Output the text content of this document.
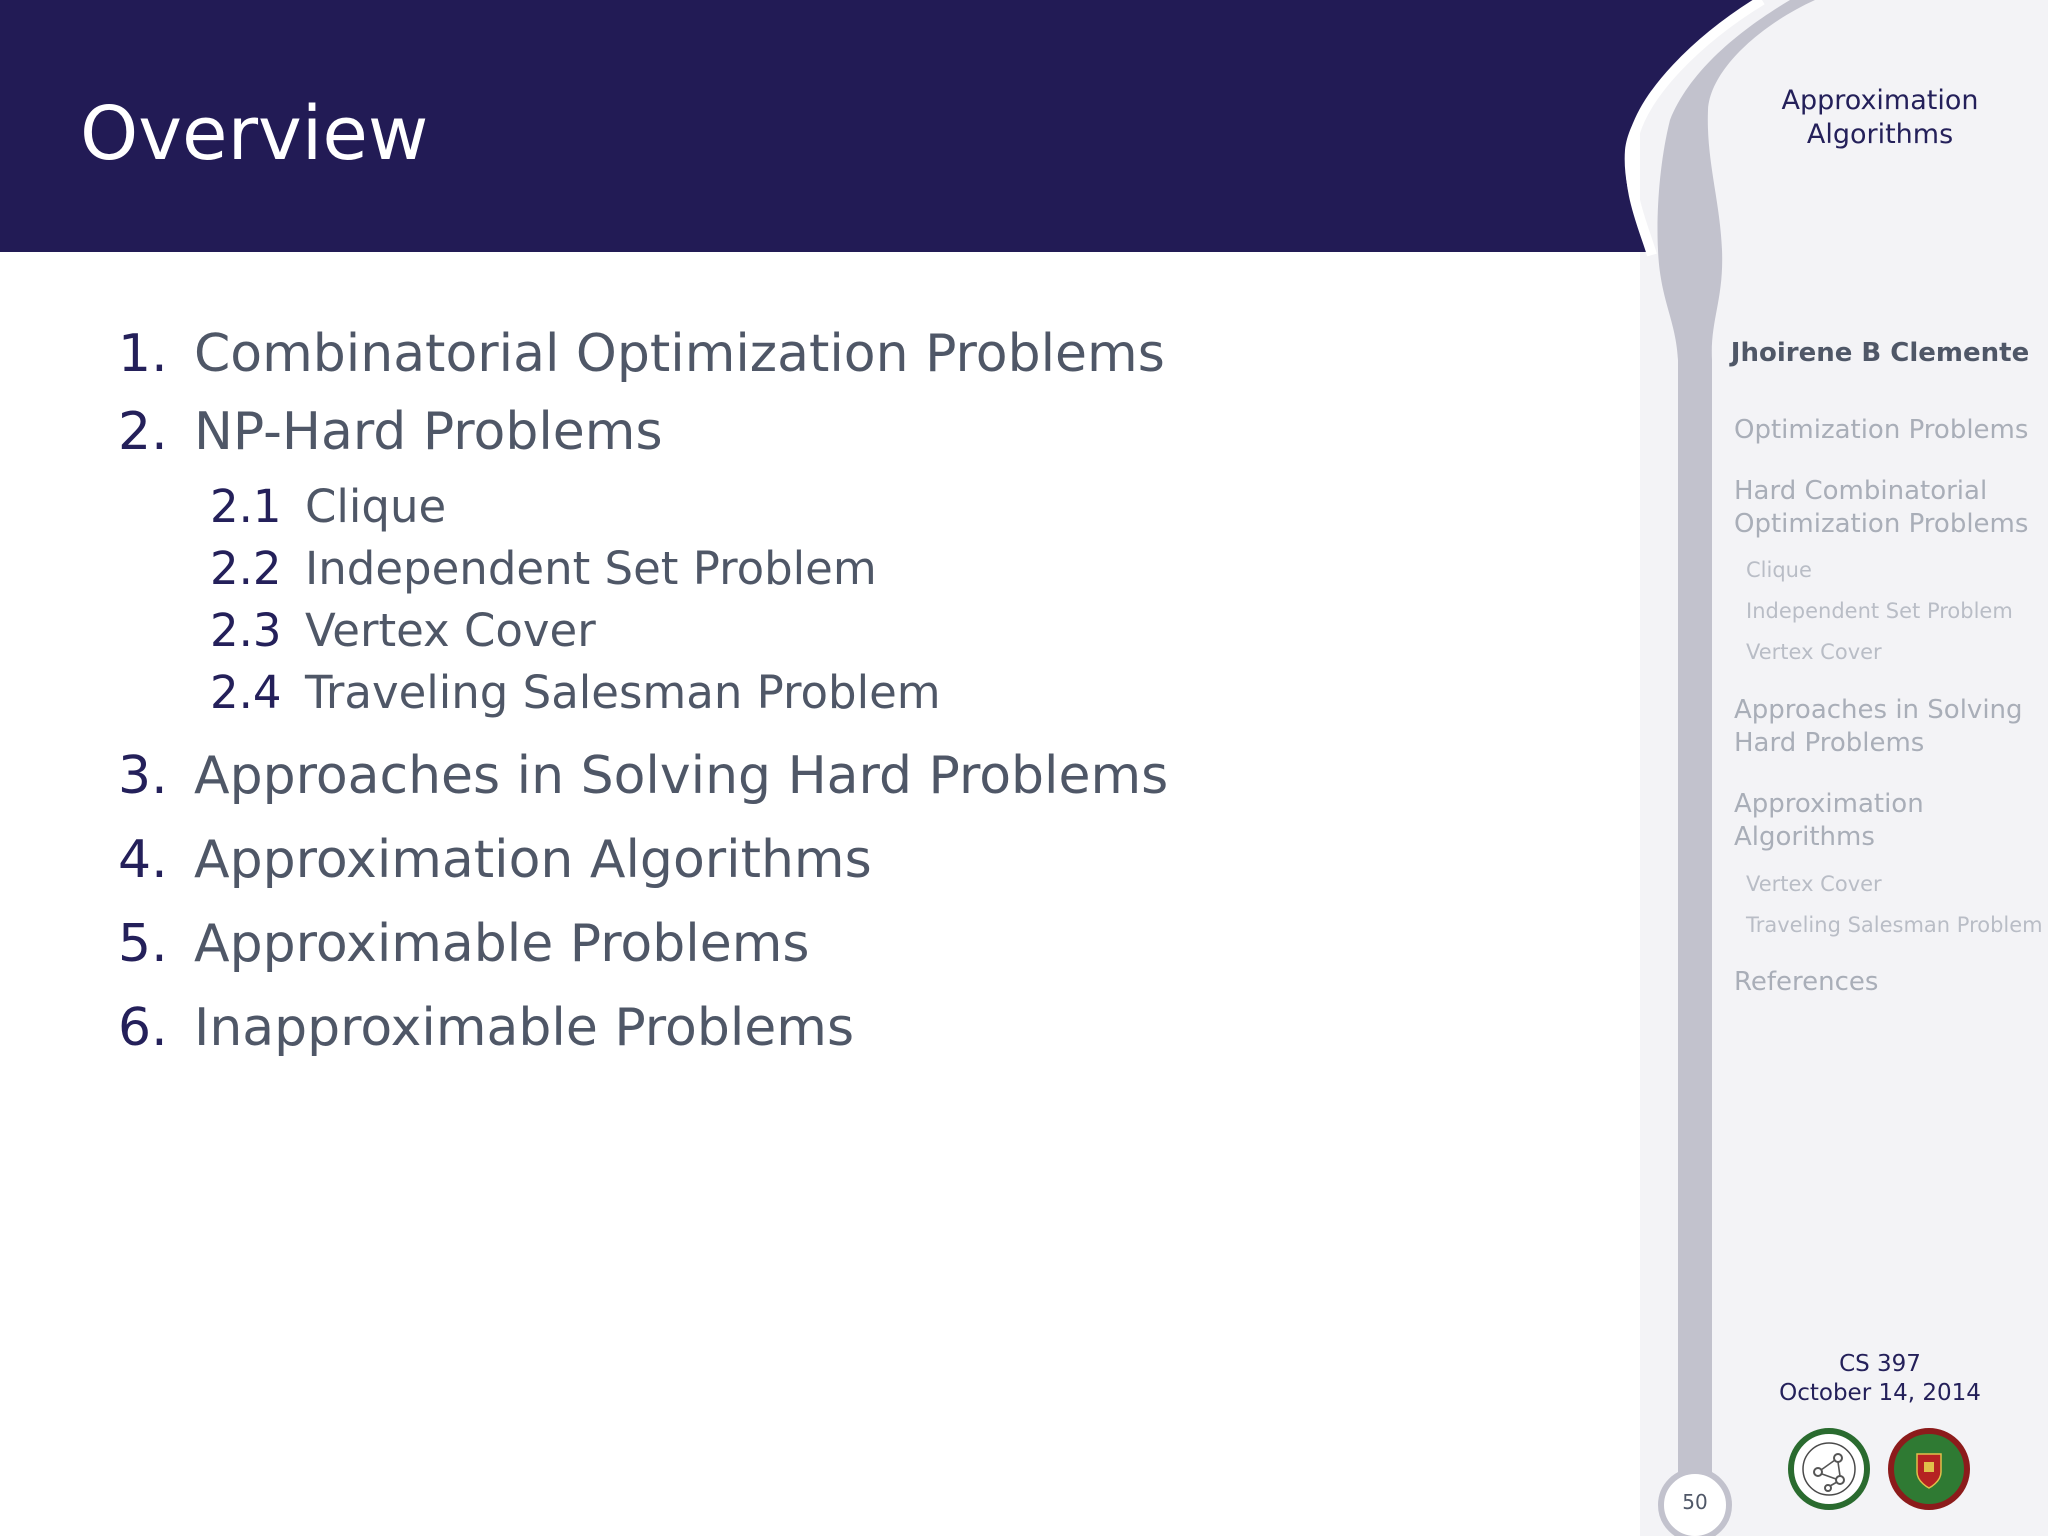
Overview
1. Combinatorial Optimization Problems
2. NP-Hard Problems
2.1 Clique
2.2 Independent Set Problem
2.3 Vertex Cover
2.4 Traveling Salesman Problem
3. Approaches in Solving Hard Problems
4. Approximation Algorithms
5. Approximable Problems
6. Inapproximable Problems
Approximation
Algorithms
Jhoirene B Clemente
Optimization Problems
Hard Combinatorial
Optimization Problems
Clique
Independent Set Problem
Vertex Cover
Approaches in Solving
Hard Problems
Approximation
Algorithms
Vertex Cover
Traveling Salesman Problem
References
CS 397
October 14, 2014
50
